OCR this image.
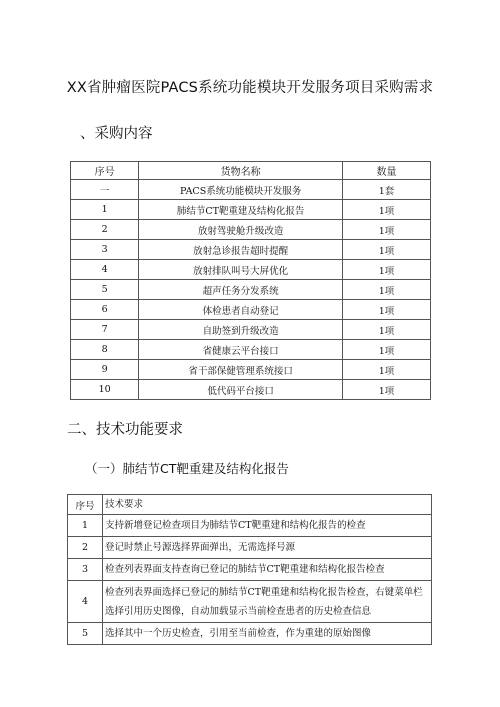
XX省肿瘤医院PACS系统功能模块开发服务项目采购需求
、采购内容
序号	货物名称	数量
一	PACS系统功能模块开发服务	1套
1	肺结节CT靶重建及结构化报告	1项
2	放射驾驶舱升级改造	1项
3	放射急诊报告超时提醒	1项
4	放射排队叫号大屏优化	1项
5	超声任务分发系统	1项
6	体检患者自动登记	1项
7	自助签到升级改造	1项
8	省健康云平台接口	1项
9	省干部保健管理系统接口	1项
10	低代码平台接口	1项
二、技术功能要求
（一）肺结节CT靶重建及结构化报告
序号	技术要求
1	支持新增登记检查项目为肺结节CT靶重建和结构化报告的检查
2	登记时禁止号源选择界面弹出，无需选择号源
3	检查列表界面支持查询已登记的肺结节CT靶重建和结构化报告检查
4	检查列表界面选择已登记的肺结节CT靶重建和结构化报告检查，右键菜单栏选择引用历史图像，自动加载显示当前检查患者的历史检查信息
5	选择其中一个历史检查，引用至当前检查，作为重建的原始图像
